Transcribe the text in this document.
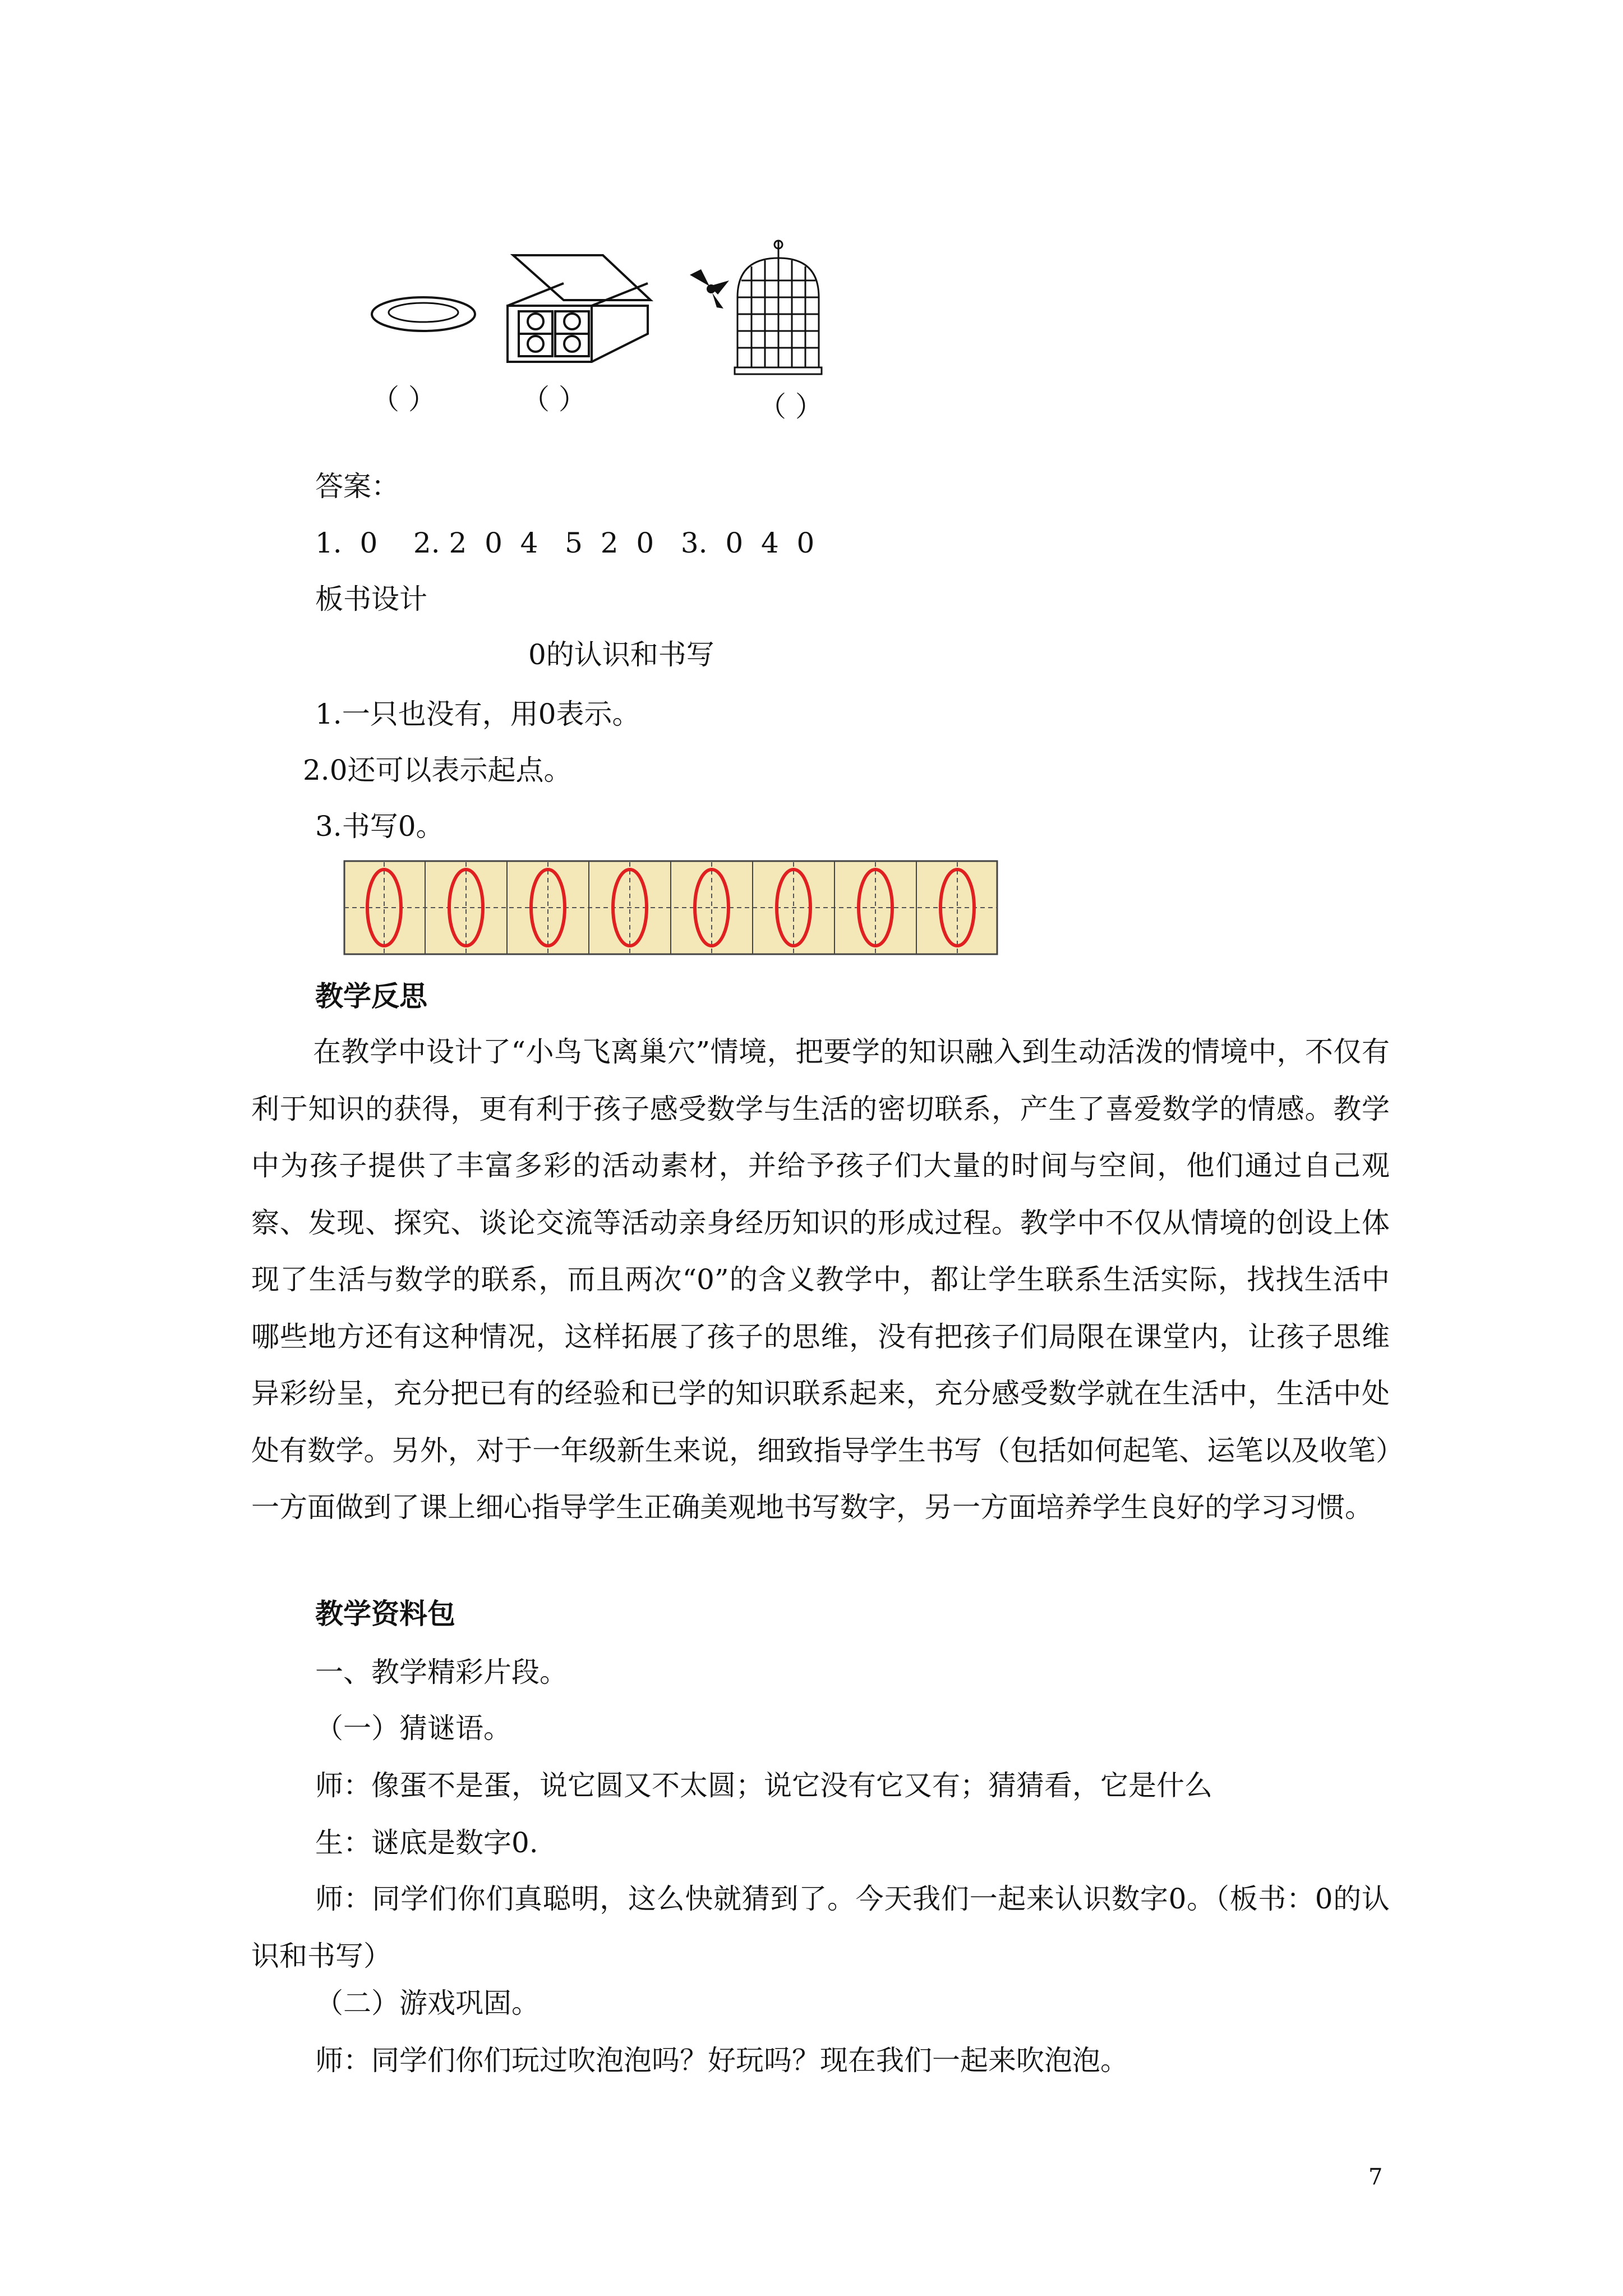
（ ）	（ ）	（ ）
答案：
1.  0    2. 2  0  4   5  2  0   3.  0  4  0
板书设计
0的认识和书写
1.一只也没有，用0表示。
2.0还可以表示起点。
3.书写0。
教学反思
在教学中设计了“小鸟飞离巢穴”情境，把要学的知识融入到生动活泼的情境中，不仅有利于知识的获得，更有利于孩子感受数学与生活的密切联系，产生了喜爱数学的情感。教学中为孩子提供了丰富多彩的活动素材，并给予孩子们大量的时间与空间，他们通过自己观察、发现、探究、谈论交流等活动亲身经历知识的形成过程。教学中不仅从情境的创设上体现了生活与数学的联系，而且两次“0”的含义教学中，都让学生联系生活实际，找找生活中哪些地方还有这种情况，这样拓展了孩子的思维，没有把孩子们局限在课堂内，让孩子思维异彩纷呈，充分把已有的经验和已学的知识联系起来，充分感受数学就在生活中，生活中处处有数学。另外，对于一年级新生来说，细致指导学生书写（包括如何起笔、运笔以及收笔）一方面做到了课上细心指导学生正确美观地书写数字，另一方面培养学生良好的学习习惯。
教学资料包
一、教学精彩片段。
（一）猜谜语。
师：像蛋不是蛋，说它圆又不太圆；说它没有它又有；猜猜看，它是什么
生：谜底是数字0.
师：同学们你们真聪明，这么快就猜到了。今天我们一起来认识数字0。（板书：0的认识和书写）
（二）游戏巩固。
师：同学们你们玩过吹泡泡吗？好玩吗？现在我们一起来吹泡泡。
7
